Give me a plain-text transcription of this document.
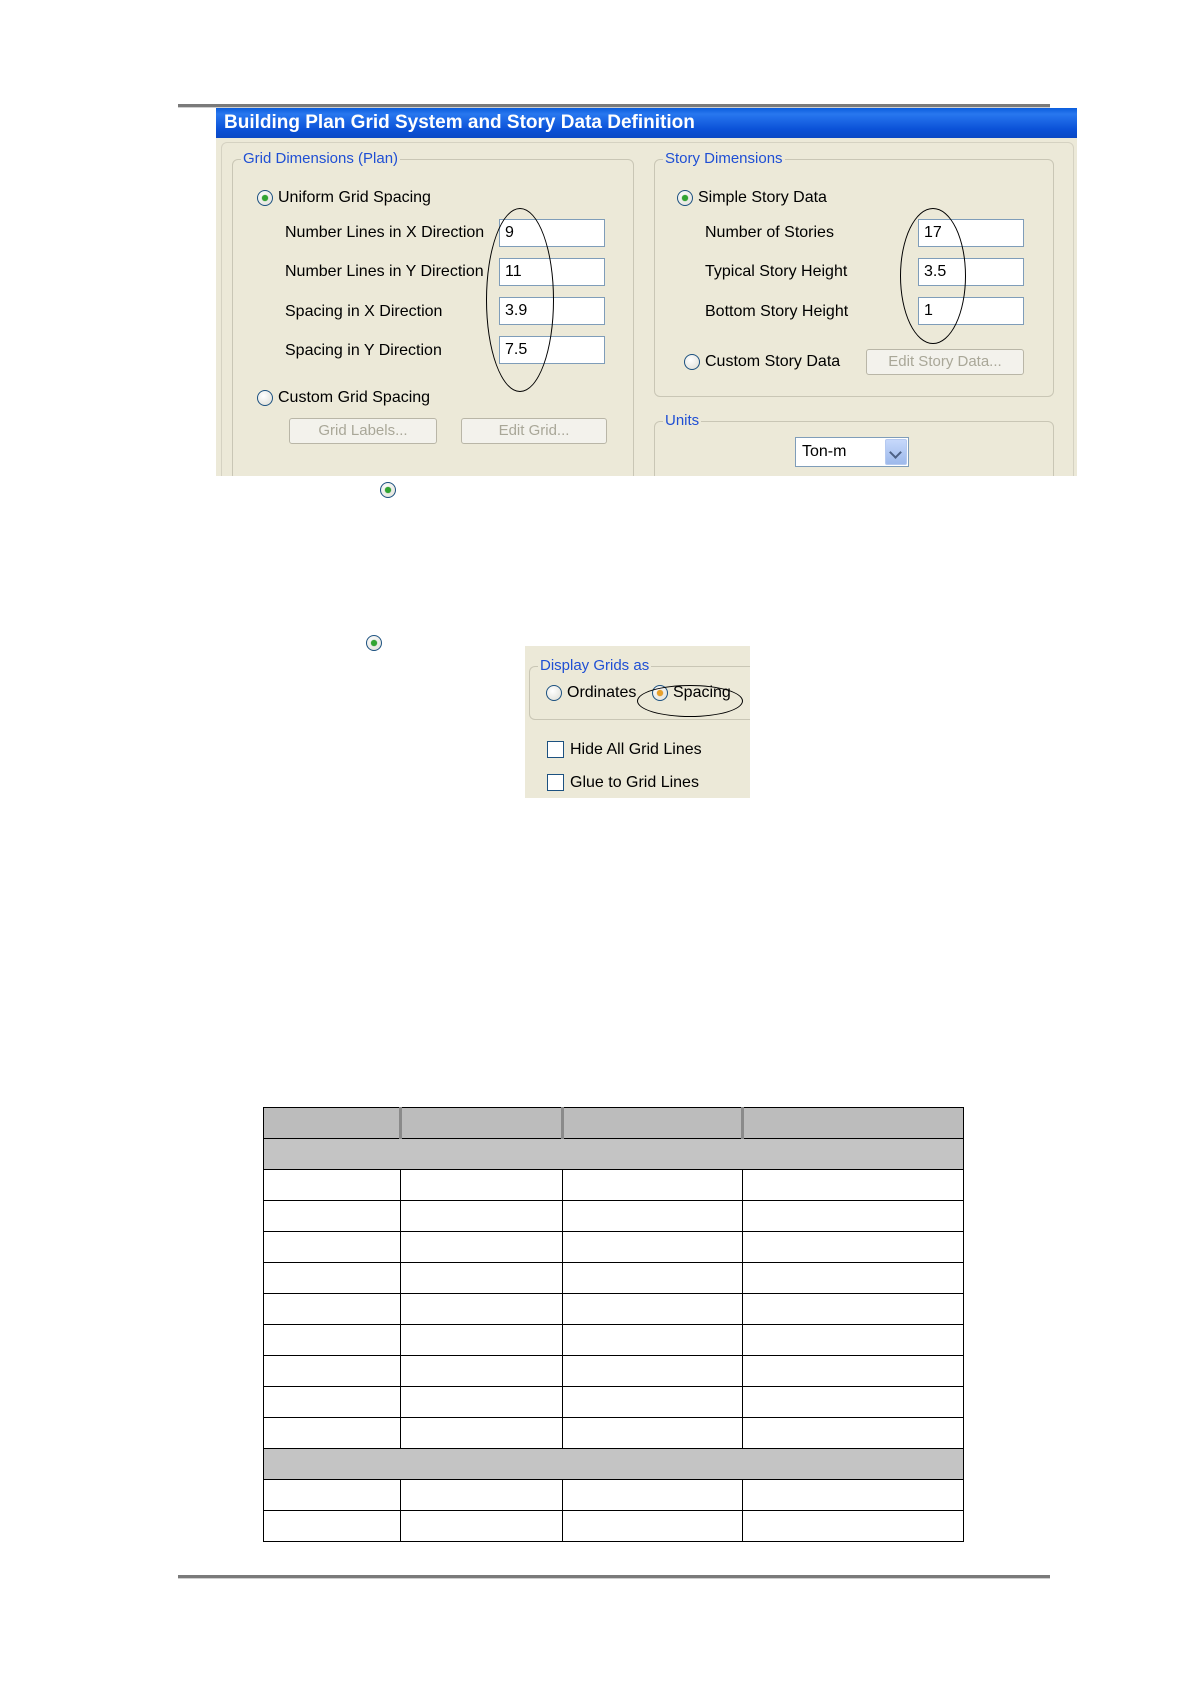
Building Plan Grid System and Story Data Definition
Grid Dimensions (Plan)
Uniform Grid Spacing
Number Lines in X Direction	9
Number Lines in Y Direction	11
Spacing in X Direction	3.9
Spacing in Y Direction	7.5
Custom Grid Spacing
Grid Labels...	Edit Grid...
Story Dimensions
Simple Story Data
Number of Stories	17
Typical Story Height	3.5
Bottom Story Height	1
Custom Story Data	Edit Story Data...
Units
Ton-m
Display Grids as
Ordinates Spacing
Hide All Grid Lines
Glue to Grid Lines
